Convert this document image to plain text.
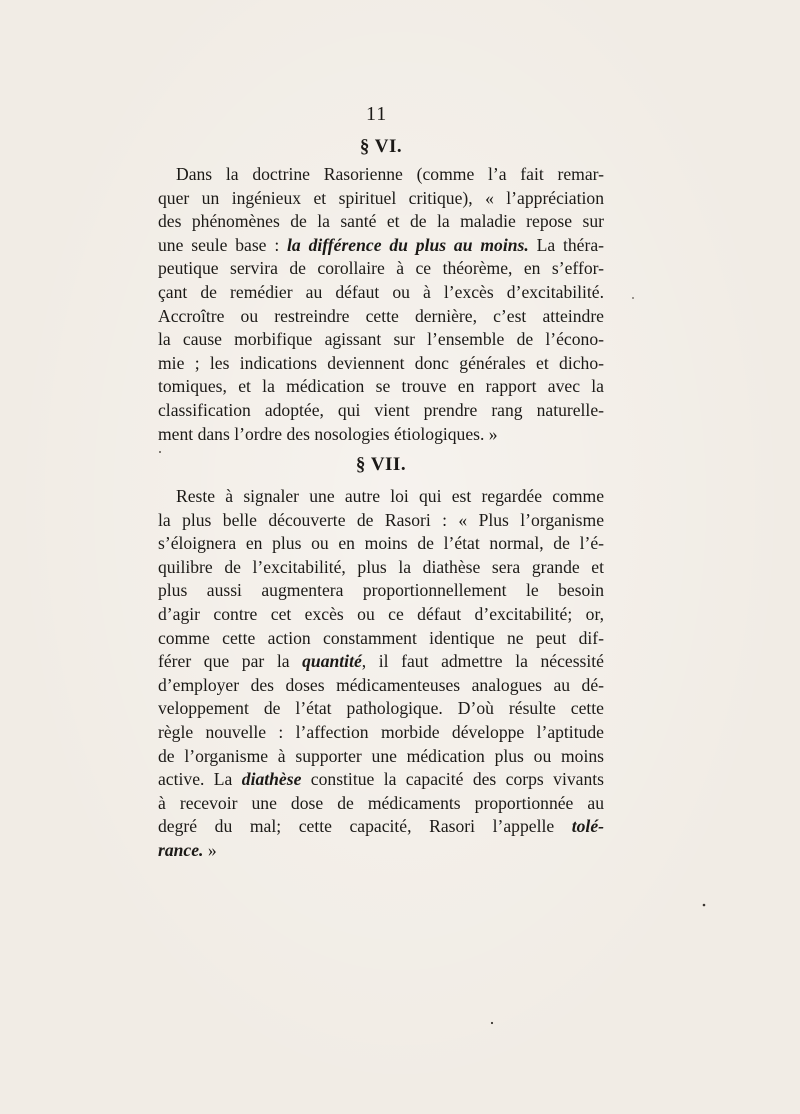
11
§ VI.
Dans la doctrine Rasorienne (comme l’a fait remar-
quer un ingénieux et spirituel critique), « l’appréciation
des phénomènes de la santé et de la maladie repose sur
une seule base : la différence du plus au moins. La théra-
peutique servira de corollaire à ce théorème, en s’effor-
çant de remédier au défaut ou à l’excès d’excitabilité.
Accroître ou restreindre cette dernière, c’est atteindre
la cause morbifique agissant sur l’ensemble de l’écono-
mie ; les indications deviennent donc générales et dicho-
tomiques, et la médication se trouve en rapport avec la
classification adoptée, qui vient prendre rang naturelle-
ment dans l’ordre des nosologies étiologiques. »
§ VII.
Reste à signaler une autre loi qui est regardée comme
la plus belle découverte de Rasori : « Plus l’organisme
s’éloignera en plus ou en moins de l’état normal, de l’é-
quilibre de l’excitabilité, plus la diathèse sera grande et
plus aussi augmentera proportionnellement le besoin
d’agir contre cet excès ou ce défaut d’excitabilité; or,
comme cette action constamment identique ne peut dif-
férer que par la quantité, il faut admettre la nécessité
d’employer des doses médicamenteuses analogues au dé-
veloppement de l’état pathologique. D’où résulte cette
règle nouvelle : l’affection morbide développe l’aptitude
de l’organisme à supporter une médication plus ou moins
active. La diathèse constitue la capacité des corps vivants
à recevoir une dose de médicaments proportionnée au
degré du mal; cette capacité, Rasori l’appelle tolé-
rance. »
